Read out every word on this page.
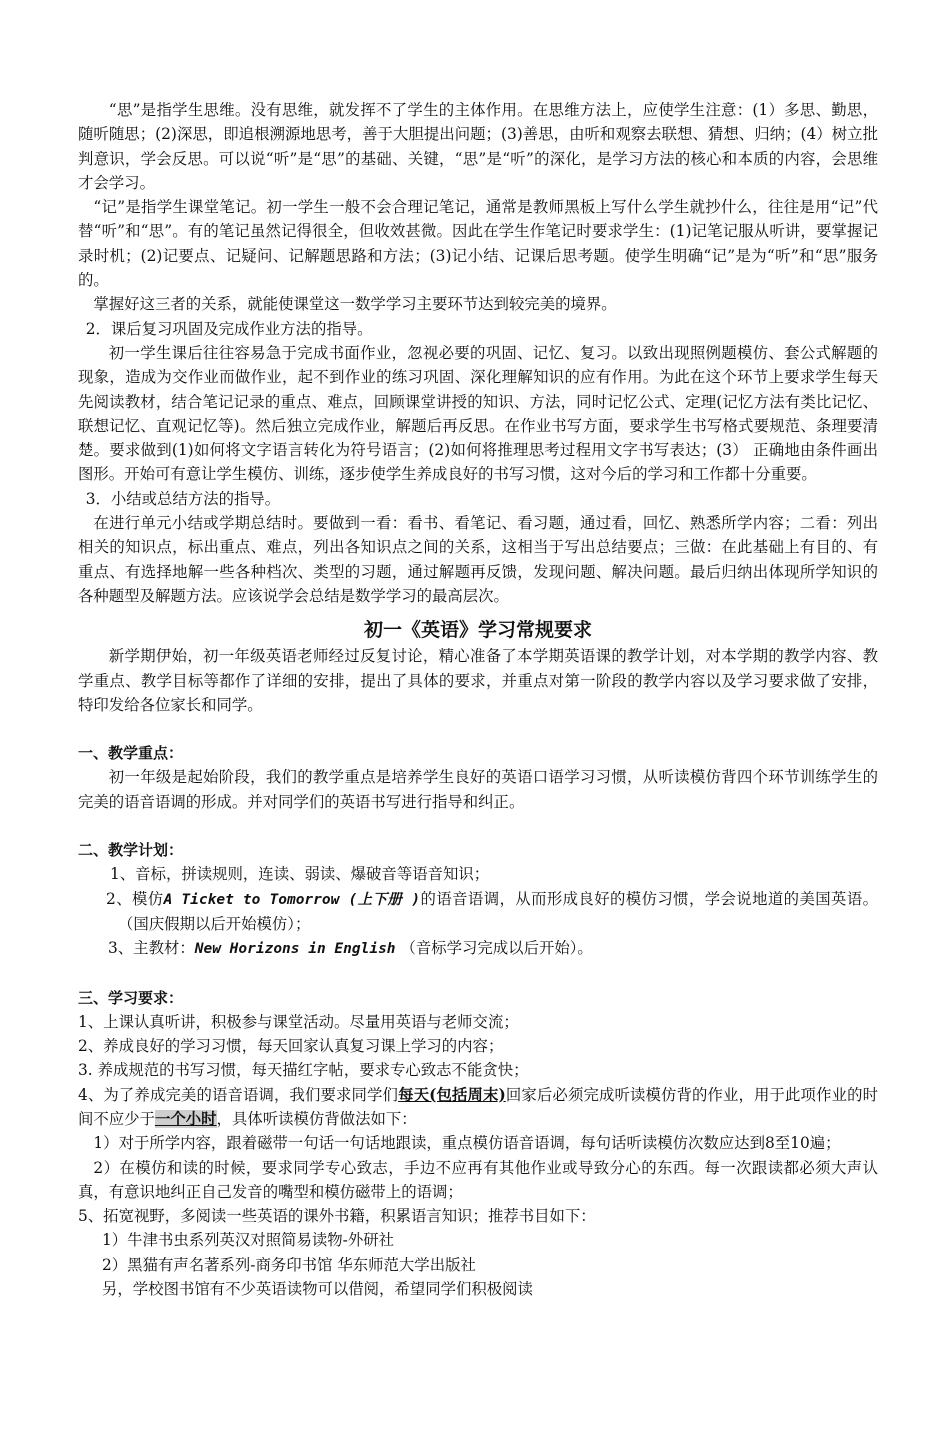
“思”是指学生思维。没有思维，就发挥不了学生的主体作用。在思维方法上，应使学生注意：(1）多思、勤思，随听随思；(2)深思，即追根溯源地思考，善于大胆提出问题；(3)善思，由听和观察去联想、猜想、归纳；(4）树立批判意识，学会反思。可以说“听”是“思”的基础、关键，“思”是“听”的深化，是学习方法的核心和本质的内容，会思维才会学习。

“记”是指学生课堂笔记。初一学生一般不会合理记笔记，通常是教师黑板上写什么学生就抄什么，往往是用“记”代替“听”和“思”。有的笔记虽然记得很全，但收效甚微。因此在学生作笔记时要求学生：(1)记笔记服从听讲，要掌握记录时机；(2)记要点、记疑问、记解题思路和方法；(3)记小结、记课后思考题。使学生明确“记”是为“听”和“思”服务的。

掌握好这三者的关系，就能使课堂这一数学学习主要环节达到较完美的境界。

2．课后复习巩固及完成作业方法的指导。

初一学生课后往往容易急于完成书面作业，忽视必要的巩固、记忆、复习。以致出现照例题模仿、套公式解题的现象，造成为交作业而做作业，起不到作业的练习巩固、深化理解知识的应有作用。为此在这个环节上要求学生每天先阅读教材，结合笔记记录的重点、难点，回顾课堂讲授的知识、方法，同时记忆公式、定理(记忆方法有类比记忆、联想记忆、直观记忆等)。然后独立完成作业，解题后再反思。在作业书写方面，要求学生书写格式要规范、条理要清楚。要求做到(1)如何将文字语言转化为符号语言；(2)如何将推理思考过程用文字书写表达；(3） 正确地由条件画出图形。开始可有意让学生模仿、训练，逐步使学生养成良好的书写习惯，这对今后的学习和工作都十分重要。

3．小结或总结方法的指导。

在进行单元小结或学期总结时。要做到一看：看书、看笔记、看习题，通过看，回忆、熟悉所学内容；二看：列出相关的知识点，标出重点、难点，列出各知识点之间的关系，这相当于写出总结要点；三做：在此基础上有目的、有重点、有选择地解一些各种档次、类型的习题，通过解题再反馈，发现问题、解决问题。最后归纳出体现所学知识的各种题型及解题方法。应该说学会总结是数学学习的最高层次。

初一《英语》学习常规要求

新学期伊始，初一年级英语老师经过反复讨论，精心准备了本学期英语课的教学计划，对本学期的教学内容、教学重点、教学目标等都作了详细的安排，提出了具体的要求，并重点对第一阶段的教学内容以及学习要求做了安排，特印发给各位家长和同学。

一、教学重点：

初一年级是起始阶段，我们的教学重点是培养学生良好的英语口语学习习惯，从听读模仿背四个环节训练学生的完美的语音语调的形成。并对同学们的英语书写进行指导和纠正。

二、教学计划：

1、音标，拼读规则，连读、弱读、爆破音等语音知识；

2、模仿A Ticket to Tomorrow (上下册 )的语音语调，从而形成良好的模仿习惯，学会说地道的美国英语。（国庆假期以后开始模仿）；

3、主教材：New Horizons in English （音标学习完成以后开始）。

三、学习要求：

1、上课认真听讲，积极参与课堂活动。尽量用英语与老师交流；

2、养成良好的学习习惯，每天回家认真复习课上学习的内容；

3. 养成规范的书写习惯，每天描红字帖，要求专心致志不能贪快；

4、为了养成完美的语音语调，我们要求同学们每天(包括周末)回家后必须完成听读模仿背的作业，用于此项作业的时间不应少于一个小时，具体听读模仿背做法如下：

1）对于所学内容，跟着磁带一句话一句话地跟读，重点模仿语音语调，每句话听读模仿次数应达到8至10遍；

2）在模仿和读的时候，要求同学专心致志，手边不应再有其他作业或导致分心的东西。每一次跟读都必须大声认真，有意识地纠正自己发音的嘴型和模仿磁带上的语调；

5、拓宽视野，多阅读一些英语的课外书籍，积累语言知识；推荐书目如下：

1）牛津书虫系列英汉对照简易读物-外研社

2）黑猫有声名著系列-商务印书馆 华东师范大学出版社

另，学校图书馆有不少英语读物可以借阅，希望同学们积极阅读
